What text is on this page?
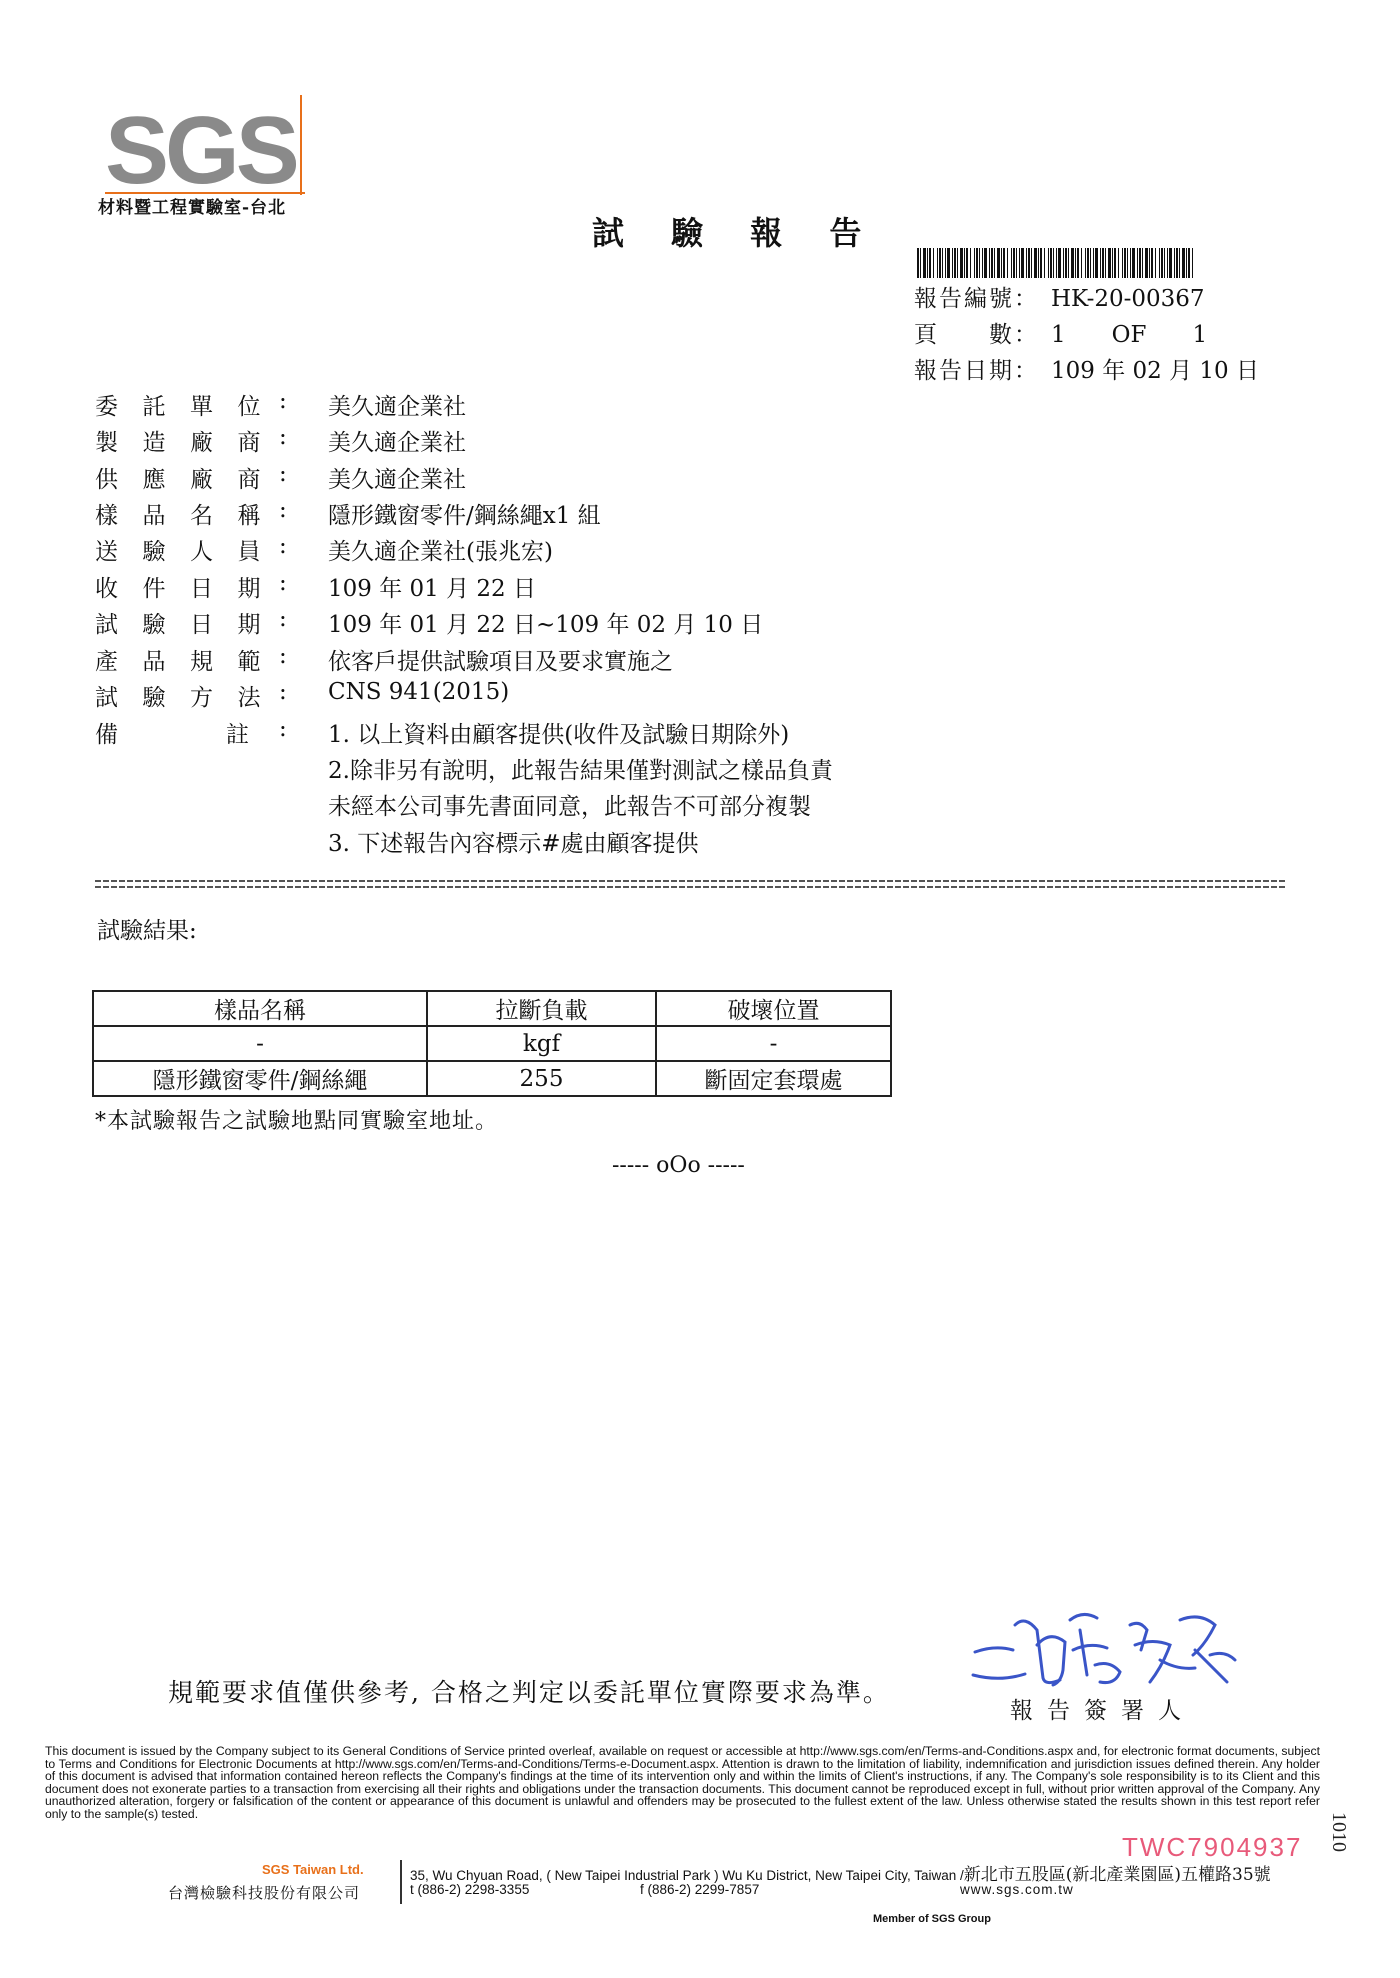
SGS
材料暨工程實驗室-台北
試 驗 報 告
報告編號： HK-20-00367
頁　　數： 1　　OF　　1
報告日期： 109 年 02 月 10 日
委 託 單 位 : 美久適企業社
製 造 廠 商 : 美久適企業社
供 應 廠 商 : 美久適企業社
樣 品 名 稱 : 隱形鐵窗零件/鋼絲繩x1 組
送 驗 人 員 : 美久適企業社(張兆宏)
收 件 日 期 : 109 年 01 月 22 日
試 驗 日 期 : 109 年 01 月 22 日~109 年 02 月 10 日
產 品 規 範 : 依客戶提供試驗項目及要求實施之
試 驗 方 法 : CNS 941(2015)
備	註 : 1. 以上資料由顧客提供(收件及試驗日期除外)
2.除非另有說明，此報告結果僅對測試之樣品負責
未經本公司事先書面同意，此報告不可部分複製
3. 下述報告內容標示#處由顧客提供
試驗結果:
樣品名稱	拉斷負載	破壞位置
-	kgf	-
隱形鐵窗零件/鋼絲繩	255	斷固定套環處
*本試驗報告之試驗地點同實驗室地址。
----- oOo -----
規範要求值僅供參考, 合格之判定以委託單位實際要求為準。
報告簽署人
This document is issued by the Company subject to its General Conditions of Service printed overleaf, available on request or accessible at http://www.sgs.com/en/Terms-and-Conditions.aspx and, for electronic format documents, subject to Terms and Conditions for Electronic Documents at http://www.sgs.com/en/Terms-and-Conditions/Terms-e-Document.aspx. Attention is drawn to the limitation of liability, indemnification and jurisdiction issues defined therein. Any holder of this document is advised that information contained hereon reflects the Company's findings at the time of its intervention only and within the limits of Client's instructions, if any. The Company's sole responsibility is to its Client and this document does not exonerate parties to a transaction from exercising all their rights and obligations under the transaction documents. This document cannot be reproduced except in full, without prior written approval of the Company. Any unauthorized alteration, forgery or falsification of the content or appearance of this document is unlawful and offenders may be prosecuted to the fullest extent of the law. Unless otherwise stated the results shown in this test report refer only to the sample(s) tested.
TWC7904937 1010
SGS Taiwan Ltd.
台灣檢驗科技股份有限公司
35, Wu Chyuan Road, ( New Taipei Industrial Park ) Wu Ku District, New Taipei City, Taiwan /新北市五股區(新北產業園區)五權路35號
t (886-2) 2298-3355	f (886-2) 2299-7857	www.sgs.com.tw
Member of SGS Group
